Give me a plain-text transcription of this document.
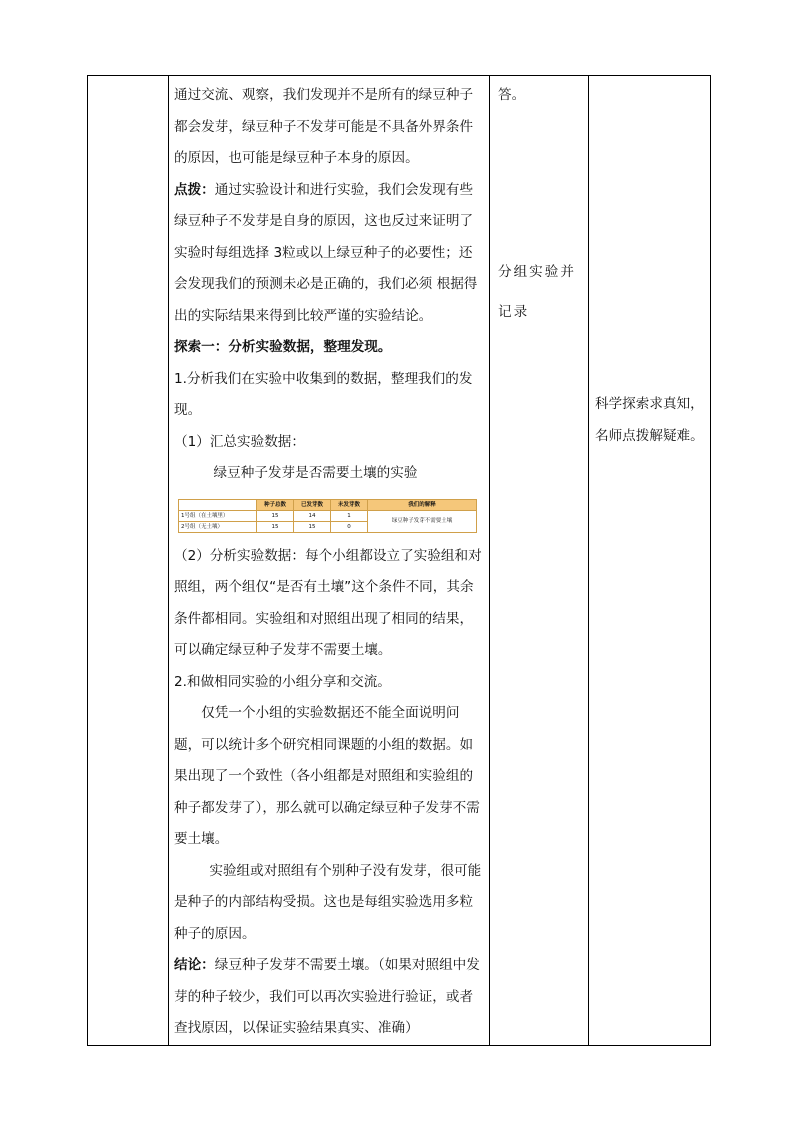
通过交流、观察，我们发现并不是所有的绿豆种子都会发芽，绿豆种子不发芽可能是不具备外界条件的原因，也可能是绿豆种子本身的原因。

点拨：通过实验设计和进行实验，我们会发现有些绿豆种子不发芽是自身的原因，这也反过来证明了实验时每组选择 3粒或以上绿豆种子的必要性；还会发现我们的预测未必是正确的，我们必须 根据得出的实际结果来得到比较严谨的实验结论。

探索一：分析实验数据，整理发现。

1.分析我们在实验中收集到的数据，整理我们的发现。

（1）汇总实验数据：

绿豆种子发芽是否需要土壤的实验

	种子总数	已发芽数	未发芽数	我们的解释
1号组（在土壤里）	15	14	1	绿豆种子发芽不需要土壤
2号组（无土壤）	15	15	0

（2）分析实验数据：每个小组都设立了实验组和对照组，两个组仅“是否有土壤”这个条件不同，其余条件都相同。实验组和对照组出现了相同的结果，可以确定绿豆种子发芽不需要土壤。

2.和做相同实验的小组分享和交流。

仅凭一个小组的实验数据还不能全面说明问题，可以统计多个研究相同课题的小组的数据。如果出现了一个致性（各小组都是对照组和实验组的种子都发芽了），那么就可以确定绿豆种子发芽不需要土壤。

实验组或对照组有个别种子没有发芽，很可能是种子的内部结构受损。这也是每组实验选用多粒种子的原因。

结论：绿豆种子发芽不需要土壤。（如果对照组中发芽的种子较少，我们可以再次实验进行验证，或者查找原因，以保证实验结果真实、准确）

答。

分组实验并记录

科学探索求真知，
名师点拨解疑难。
